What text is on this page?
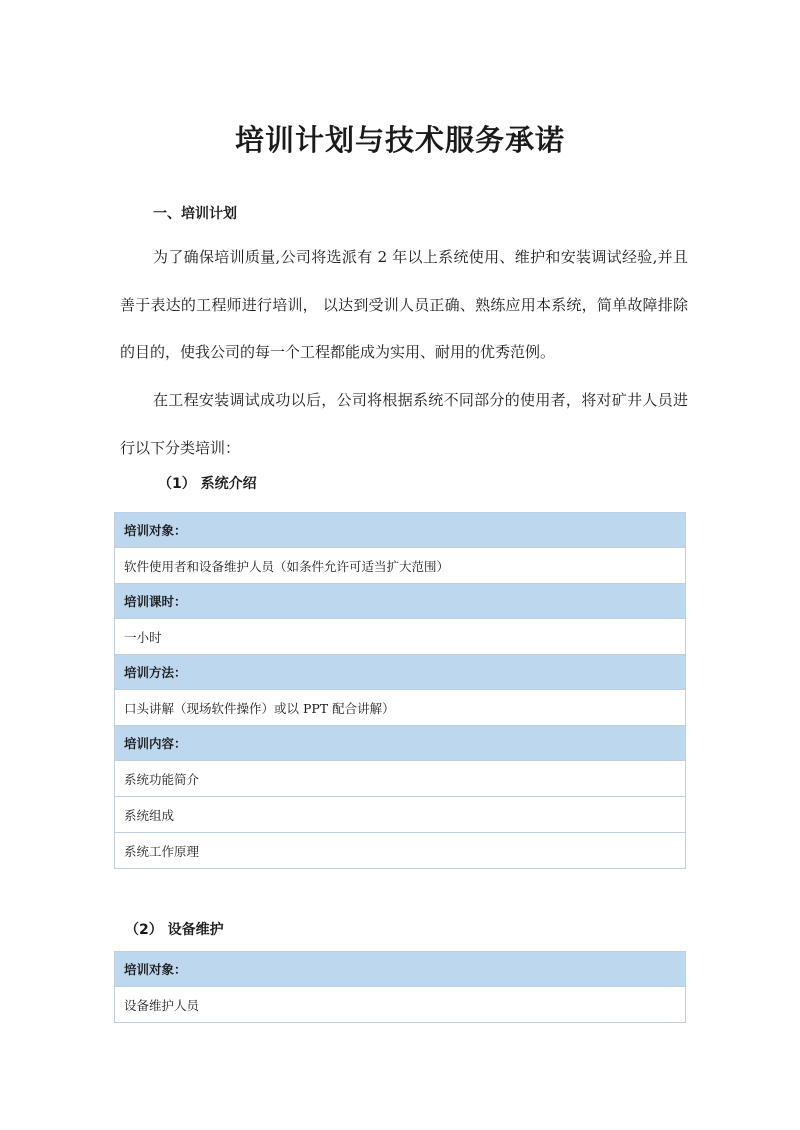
培训计划与技术服务承诺
一、培训计划

为了确保培训质量,公司将选派有 2 年以上系统使用、维护和安装调试经验,并且善于表达的工程师进行培训， 以达到受训人员正确、熟练应用本系统，简单故障排除的目的，使我公司的每一个工程都能成为实用、耐用的优秀范例。

在工程安装调试成功以后，公司将根据系统不同部分的使用者，将对矿井人员进行以下分类培训：

（1） 系统介绍
培训对象：
软件使用者和设备维护人员（如条件允许可适当扩大范围）
培训课时：
一小时
培训方法：
口头讲解（现场软件操作）或以 PPT 配合讲解）
培训内容：
系统功能简介
系统组成
系统工作原理
（2） 设备维护
培训对象：
设备维护人员
